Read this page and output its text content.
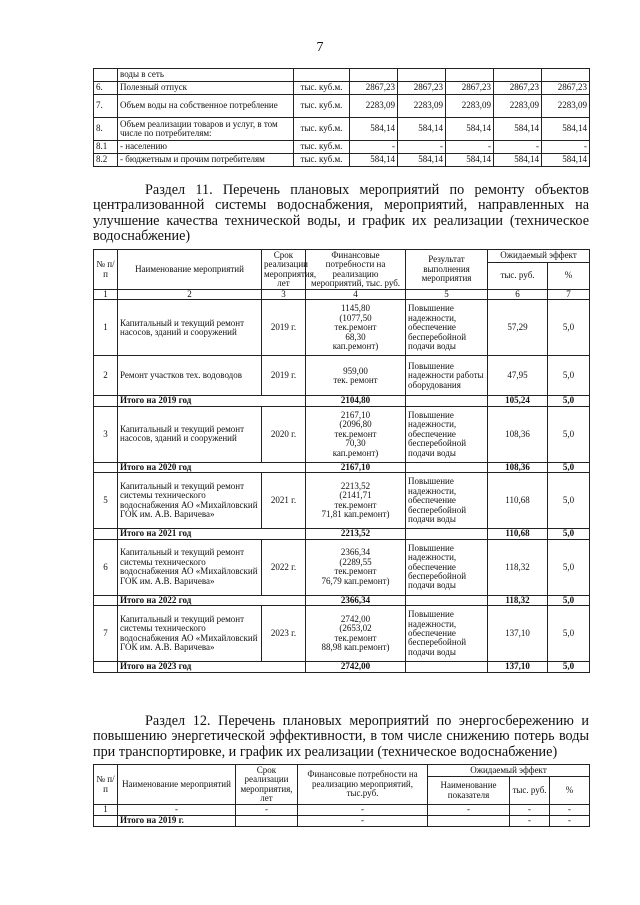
7
	воды в сеть						
6.	Полезный отпуск	тыс. куб.м.	2867,23	2867,23	2867,23	2867,23	2867,23
7.	Объем воды на собственное потребление	тыс. куб.м.	2283,09	2283,09	2283,09	2283,09	2283,09
8.	Объем реализации товаров и услуг, в том числе по потребителям:	тыс. куб.м.	584,14	584,14	584,14	584,14	584,14
8.1	- населению	тыс. куб.м.	-	-	-	-	-
8.2	- бюджетным и прочим потребителям	тыс. куб.м.	584,14	584,14	584,14	584,14	584,14
Раздел 11. Перечень плановых мероприятий по ремонту объектов централизованной системы водоснабжения, мероприятий, направленных на улучшение качества технической воды, и график их реализации (техническое водоснабжение)
№ п/п	Наименование мероприятий	Срок реализации мероприятия, лет	Финансовые потребности на реализацию мероприятий, тыс. руб.	Результат выполнения мероприятия	Ожидаемый эффект	
					тыс. руб.	%
1	2	3	4	5	6	7
1	Капитальный и текущий ремонт насосов, зданий и сооружений	2019 г.	1145,80
(1077,50
тек.ремонт
68,30
кап.ремонт)	Повышение надежности, обеспечение бесперебойной подачи воды	57,29	5,0
2	Ремонт участков тех. водоводов	2019 г.	959,00
тек. ремонт	Повышение надежности работы оборудования	47,95	5,0
	Итого на 2019 год		2104,80		105,24	5,0
3	Капитальный и текущий ремонт насосов, зданий и сооружений	2020 г.	2167,10
(2096,80
тек.ремонт
70,30
кап.ремонт)	Повышение надежности, обеспечение бесперебойной подачи воды	108,36	5,0
	Итого на 2020 год		2167,10		108,36	5,0
5	Капитальный и текущий ремонт системы технического водоснабжения АО «Михайловский ГОК им. А.В. Варичева»	2021 г.	2213,52
(2141,71
тек.ремонт
71,81 кап.ремонт)	Повышение надежности, обеспечение бесперебойной подачи воды	110,68	5,0
	Итого на 2021 год		2213,52		110,68	5,0
6	Капитальный и текущий ремонт системы технического водоснабжения АО «Михайловский ГОК им. А.В. Варичева»	2022 г.	2366,34
(2289,55
тек.ремонт
76,79 кап.ремонт)	Повышение надежности, обеспечение бесперебойной подачи воды	118,32	5,0
	Итого на 2022 год		2366,34		118,32	5,0
7	Капитальный и текущий ремонт системы технического водоснабжения АО «Михайловский ГОК им. А.В. Варичева»	2023 г.	2742,00
(2653,02
тек.ремонт
88,98 кап.ремонт)	Повышение надежности, обеспечение бесперебойной подачи воды	137,10	5,0
	Итого на 2023 год		2742,00		137,10	5,0
Раздел 12. Перечень плановых мероприятий по энергосбережению и повышению энергетической эффективности, в том числе снижению потерь воды при транспортировке, и график их реализации (техническое водоснабжение)
№ п/п	Наименование мероприятий	Срок реализации мероприятия, лет	Финансовые потребности на реализацию мероприятий, тыс.руб.	Ожидаемый эффект		
				Наименование показателя	тыс. руб.	%
1	-	-	-	-	-	-
	Итого на 2019 г.		-		-	-
